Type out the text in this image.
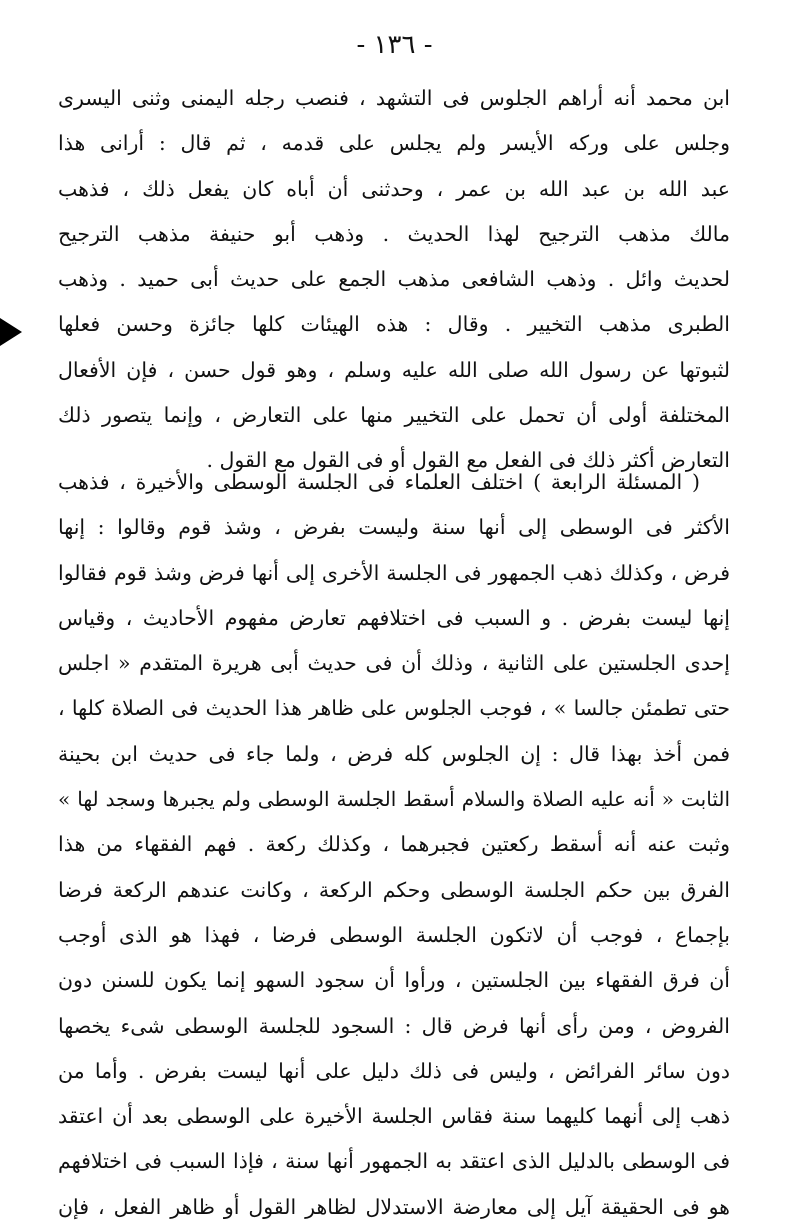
- ١٣٦ -
ابن محمد أنه أراهم الجلوس فى التشهد ، فنصب رجله اليمنى وثنى اليسرى
وجلس على وركه الأيسر ولم يجلس على قدمه ، ثم قال : أرانى هذا
عبد الله بن عبد الله بن عمر ، وحدثنى أن أباه كان يفعل ذلك ، فذهب
مالك مذهب الترجيح لهذا الحديث . وذهب أبو حنيفة مذهب الترجيح
لحديث وائل . وذهب الشافعى مذهب الجمع على حديث أبى حميد . وذهب
الطبرى مذهب التخيير . وقال : هذه الهيئات كلها جائزة وحسن فعلها
لثبوتها عن رسول الله صلى الله عليه وسلم ، وهو قول حسن ، فإن الأفعال
المختلفة أولى أن تحمل على التخيير منها على التعارض ، وإنما يتصور ذلك
التعارض أكثر ذلك فى الفعل مع القول أو فى القول مع القول .
( المسئلة الرابعة ) اختلف العلماء فى الجلسة الوسطى والأخيرة ، فذهب
الأكثر فى الوسطى إلى أنها سنة وليست بفرض ، وشذ قوم وقالوا : إنها
فرض ، وكذلك ذهب الجمهور فى الجلسة الأخرى إلى أنها فرض وشذ قوم فقالوا
إنها ليست بفرض . و السبب فى اختلافهم تعارض مفهوم الأحاديث ، وقياس
إحدى الجلستين على الثانية ، وذلك أن فى حديث أبى هريرة المتقدم « اجلس
حتى تطمئن جالسا » ، فوجب الجلوس على ظاهر هذا الحديث فى الصلاة كلها ،
فمن أخذ بهذا قال : إن الجلوس كله فرض ، ولما جاء فى حديث ابن بحينة
الثابت « أنه عليه الصلاة والسلام أسقط الجلسة الوسطى ولم يجبرها وسجد لها »
وثبت عنه أنه أسقط ركعتين فجبرهما ، وكذلك ركعة . فهم الفقهاء من هذا
الفرق بين حكم الجلسة الوسطى وحكم الركعة ، وكانت عندهم الركعة فرضا
بإجماع ، فوجب أن لاتكون الجلسة الوسطى فرضا ، فهذا هو الذى أوجب
أن فرق الفقهاء بين الجلستين ، ورأوا أن سجود السهو إنما يكون للسنن دون
الفروض ، ومن رأى أنها فرض قال : السجود للجلسة الوسطى شىء يخصها
دون سائر الفرائض ، وليس فى ذلك دليل على أنها ليست بفرض . وأما من
ذهب إلى أنهما كليهما سنة فقاس الجلسة الأخيرة على الوسطى بعد أن اعتقد
فى الوسطى بالدليل الذى اعتقد به الجمهور أنها سنة ، فإذا السبب فى اختلافهم
هو فى الحقيقة آيل إلى معارضة الاستدلال لظاهر القول أو ظاهر الفعل ، فإن
